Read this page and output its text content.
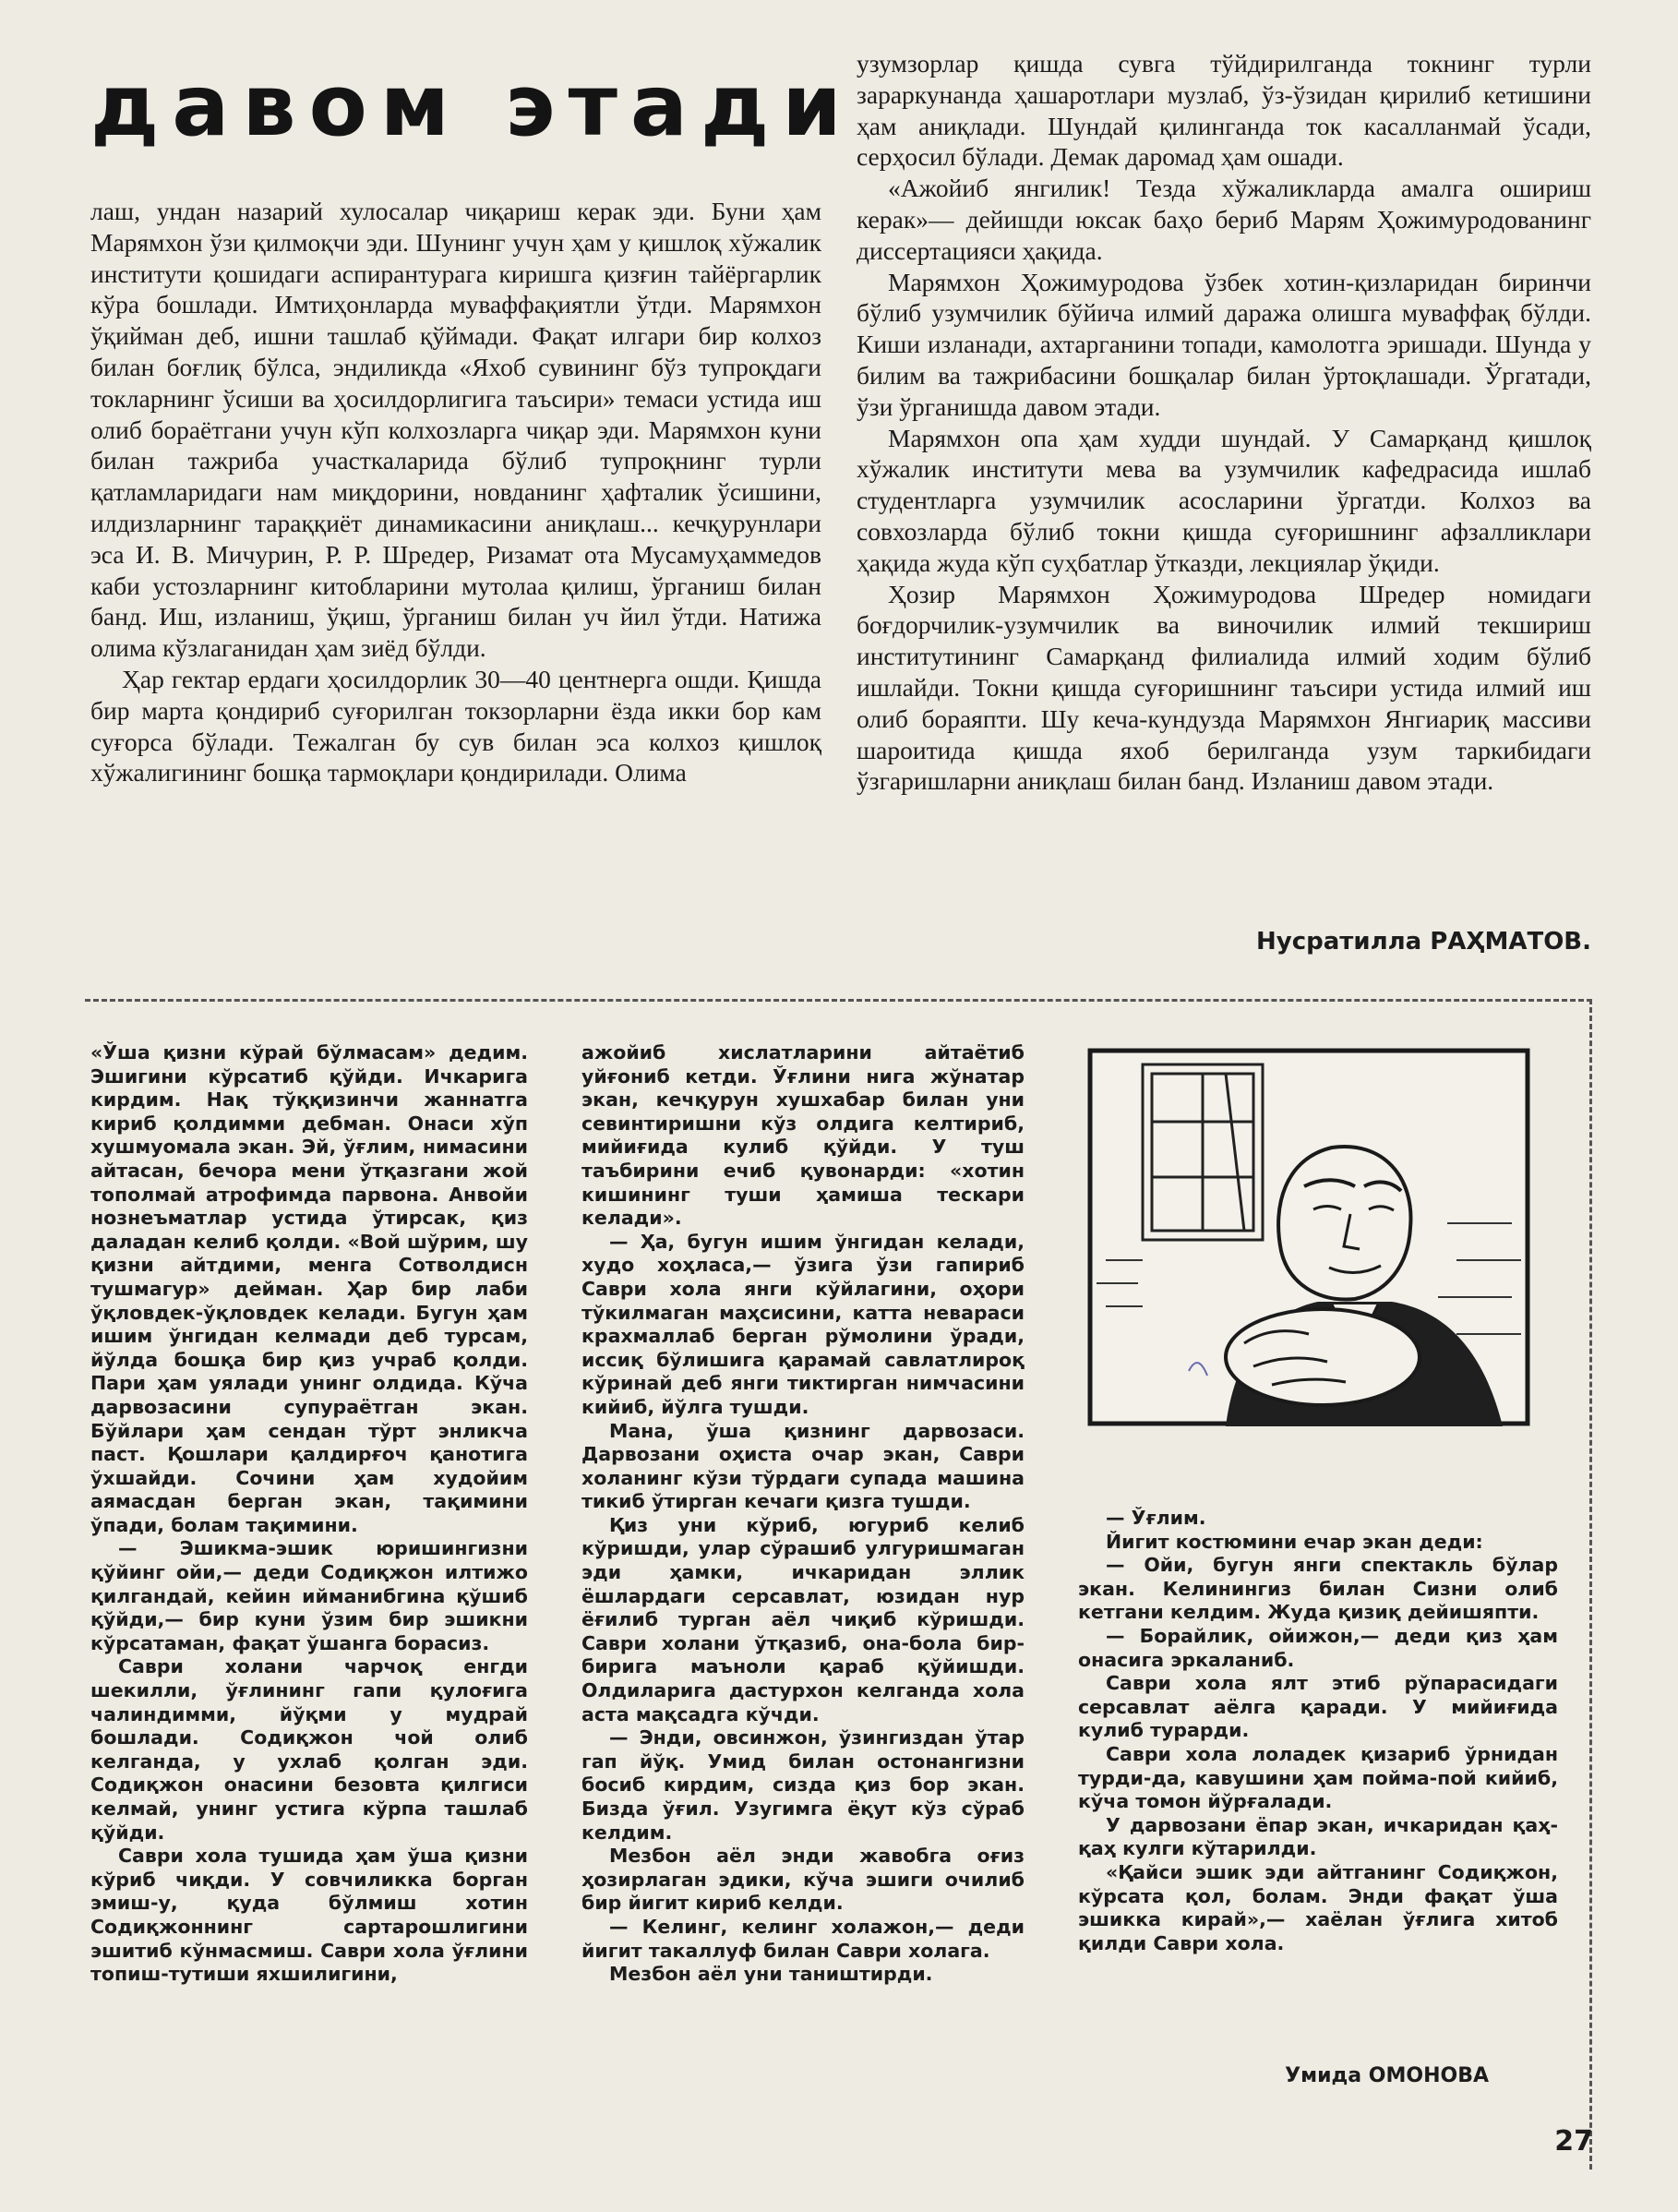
давом этади

лаш, ундан назарий хулосалар чиқариш керак эди. Буни ҳам Марямхон ўзи қилмоқчи эди. Шунинг учун ҳам у қишлоқ хўжалик институти қошидаги аспирантурага киришга қизғин тайёргарлик кўра бошлади. Имтиҳонларда муваффақиятли ўтди. Марямхон ўқийман деб, ишни ташлаб қўймади. Фақат илгари бир колхоз билан боғлиқ бўлса, эндиликда «Яхоб сувининг бўз тупроқдаги токларнинг ўсиши ва ҳосилдорлигига таъсири» темаси устида иш олиб бораётгани учун кўп колхозларга чиқар эди. Марямхон куни билан тажриба участкаларида бўлиб тупроқнинг турли қатламларидаги нам миқдорини, новданинг ҳафталик ўсишини, илдизларнинг тараққиёт динамикасини аниқлаш... кечқурунлари эса И. В. Мичурин, Р. Р. Шредер, Ризамат ота Мусамуҳаммедов каби устозларнинг китобларини мутолаа қилиш, ўрганиш билан банд. Иш, изланиш, ўқиш, ўрганиш билан уч йил ўтди. Натижа олима кўзлаганидан ҳам зиёд бўлди.

Ҳар гектар ердаги ҳосилдорлик 30—40 центнерга ошди. Қишда бир марта қондириб суғорилган токзорларни ёзда икки бор кам суғорса бўлади. Тежалган бу сув билан эса колхоз қишлоқ хўжалигининг бошқа тармоқлари қондирилади. Олима

узумзорлар қишда сувга тўйдирилганда токнинг турли зараркунанда ҳашаротлари музлаб, ўз-ўзидан қирилиб кетишини ҳам аниқлади. Шундай қилинганда ток касалланмай ўсади, серҳосил бўлади. Демак даромад ҳам ошади.

«Ажойиб янгилик! Тезда хўжаликларда амалга ошириш керак»— дейишди юксак баҳо бериб Марям Ҳожимуродованинг диссертацияси ҳақида.

Марямхон Ҳожимуродова ўзбек хотин-қизларидан биринчи бўлиб узумчилик бўйича илмий даража олишга муваффақ бўлди. Киши изланади, ахтарганини топади, камолотга эришади. Шунда у билим ва тажрибасини бошқалар билан ўртоқлашади. Ўргатади, ўзи ўрганишда давом этади.

Марямхон опа ҳам худди шундай. У Самарқанд қишлоқ хўжалик институти мева ва узумчилик кафедрасида ишлаб студентларга узумчилик асосларини ўргатди. Колхоз ва совхозларда бўлиб токни қишда суғоришнинг афзалликлари ҳақида жуда кўп суҳбатлар ўтказди, лекциялар ўқиди.

Ҳозир Марямхон Ҳожимуродова Шредер номидаги боғдорчилик-узумчилик ва виночилик илмий текшириш институтининг Самарқанд филиалида илмий ходим бўлиб ишлайди. Токни қишда суғоришнинг таъсири устида илмий иш олиб бораяпти. Шу кеча-кундузда Марямхон Янгиариқ массиви шароитида қишда яхоб берилганда узум таркибидаги ўзгаришларни аниқлаш билан банд. Изланиш давом этади.

Нусратилла РАҲМАТОВ.

«Ўша қизни кўрай бўлмасам» дедим. Эшигини кўрсатиб қўйди. Ичкарига кирдим. Нақ тўққизинчи жаннатга кириб қолдимми дебман. Онаси хўп хушмуомала экан. Эй, ўғлим, нимасини айтасан, бечора мени ўтқазгани жой тополмай атрофимда парвона. Анвойи нознеъматлар устида ўтирсак, қиз даладан келиб қолди. «Вой шўрим, шу қизни айтдими, менга Сотволдисн тушмагур» дейман. Ҳар бир лаби ўқловдек-ўқловдек келади. Бугун ҳам ишим ўнгидан келмади деб турсам, йўлда бошқа бир қиз учраб қолди. Пари ҳам уялади унинг олдида. Кўча дарвозасини супураётган экан. Бўйлари ҳам сендан тўрт энликча паст. Қошлари қалдирғоч қанотига ўхшайди. Сочини ҳам худойим аямасдан берган экан, тақимини ўпади, болам тақимини.

— Эшикма-эшик юришингизни қўйинг ойи,— деди Содиқжон илтижо қилгандай, кейин ийманибгина қўшиб қўйди,— бир куни ўзим бир эшикни кўрсатаман, фақат ўшанга борасиз.

Саври холани чарчоқ енгди шекилли, ўғлининг гапи қулоғига чалиндимми, йўқми у мудрай бошлади. Содиқжон чой олиб келганда, у ухлаб қолган эди. Содиқжон онасини безовта қилгиси келмай, унинг устига кўрпа ташлаб қўйди.

Саври хола тушида ҳам ўша қизни кўриб чиқди. У совчиликка борган эмиш-у, қуда бўлмиш хотин Содиқжоннинг сартарошлигини эшитиб кўнмасмиш. Саври хола ўғлини топиш-тутиши яхшилигини,

ажойиб хислатларини айтаётиб уйғониб кетди. Ўғлини нига жўнатар экан, кечқурун хушхабар билан уни севинтиришни кўз олдига келтириб, мийиғида кулиб қўйди. У туш таъбирини ечиб қувонарди: «хотин кишининг туши ҳамиша тескари келади».

— Ҳа, бугун ишим ўнгидан келади, худо хоҳласа,— ўзига ўзи гапириб Саври хола янги кўйлагини, оҳори тўкилмаган маҳсисини, катта невараси крахмаллаб берган рўмолини ўради, иссиқ бўлишига қарамай савлатлироқ кўринай деб янги тиктирган нимчасини кийиб, йўлга тушди.

Мана, ўша қизнинг дарвозаси. Дарвозани оҳиста очар экан, Саври холанинг кўзи тўрдаги супада машина тикиб ўтирган кечаги қизга тушди.

Қиз уни кўриб, югуриб келиб кўришди, улар сўрашиб улгуришмаган эди ҳамки, ичкаридан эллик ёшлардаги серсавлат, юзидан нур ёғилиб турган аёл чиқиб кўришди. Саври холани ўтқазиб, она-бола бир-бирига маъноли қараб қўйишди. Олдиларига дастурхон келганда хола аста мақсадга кўчди.

— Энди, овсинжон, ўзингиздан ўтар гап йўқ. Умид билан остонангизни босиб кирдим, сизда қиз бор экан. Бизда ўғил. Узугимга ёқут кўз сўраб келдим.

Мезбон аёл энди жавобга оғиз ҳозирлаган эдики, кўча эшиги очилиб бир йигит кириб келди.

— Келинг, келинг холажон,— деди йигит такаллуф билан Саври холага.

Мезбон аёл уни таништирди.

— Ўғлим.

Йигит костюмини ечар экан деди:

— Ойи, бугун янги спектакль бўлар экан. Келинингиз билан Сизни олиб кетгани келдим. Жуда қизиқ дейишяпти.

— Борайлик, ойижон,— деди қиз ҳам онасига эркаланиб.

Саври хола ялт этиб рўпарасидаги серсавлат аёлга қаради. У мийиғида кулиб турарди.

Саври хола лоладек қизариб ўрнидан турди-да, кавушини ҳам пойма-пой кийиб, кўча томон йўрғалади.

У дарвозани ёпар экан, ичкаридан қаҳ-қаҳ кулги кўтарилди.

«Қайси эшик эди айтганинг Содиқжон, кўрсата қол, болам. Энди фақат ўша эшикка кирай»,— хаёлан ўғлига хитоб қилди Саври хола.

Умида ОМОНОВА
27
